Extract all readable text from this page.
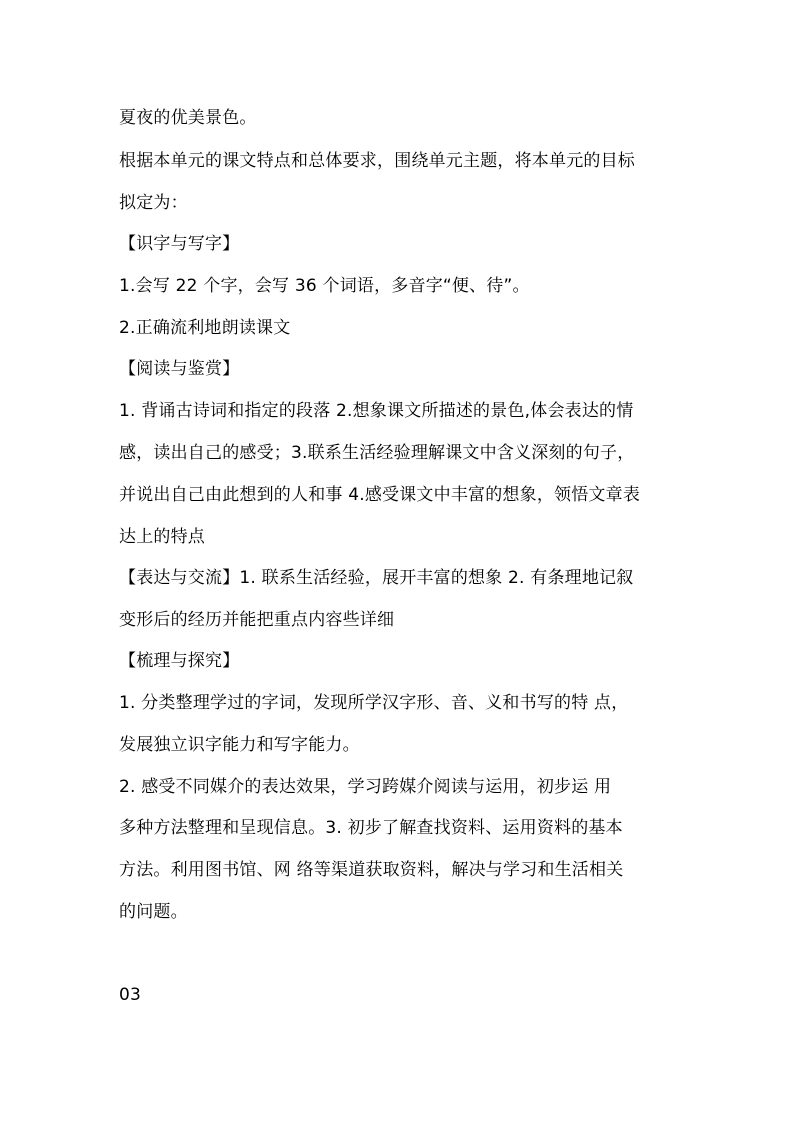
夏夜的优美景色。
根据本单元的课文特点和总体要求，围绕单元主题，将本单元的目标
拟定为：
【识字与写字】
1.会写 22 个字，会写 36 个词语，多音字“便、待”。
2.正确流利地朗读课文
【阅读与鉴赏】
1. 背诵古诗词和指定的段落 2.想象课文所描述的景色,体会表达的情
感，读出自己的感受；3.联系生活经验理解课文中含义深刻的句子，
并说出自己由此想到的人和事 4.感受课文中丰富的想象，领悟文章表
达上的特点
【表达与交流】1. 联系生活经验，展开丰富的想象 2. 有条理地记叙
变形后的经历并能把重点内容些详细
【梳理与探究】
1. 分类整理学过的字词，发现所学汉字形、音、义和书写的特 点，
发展独立识字能力和写字能力。
2. 感受不同媒介的表达效果，学习跨媒介阅读与运用，初步运 用
多种方法整理和呈现信息。3. 初步了解查找资料、运用资料的基本
方法。利用图书馆、网 络等渠道获取资料，解决与学习和生活相关
的问题。
03
